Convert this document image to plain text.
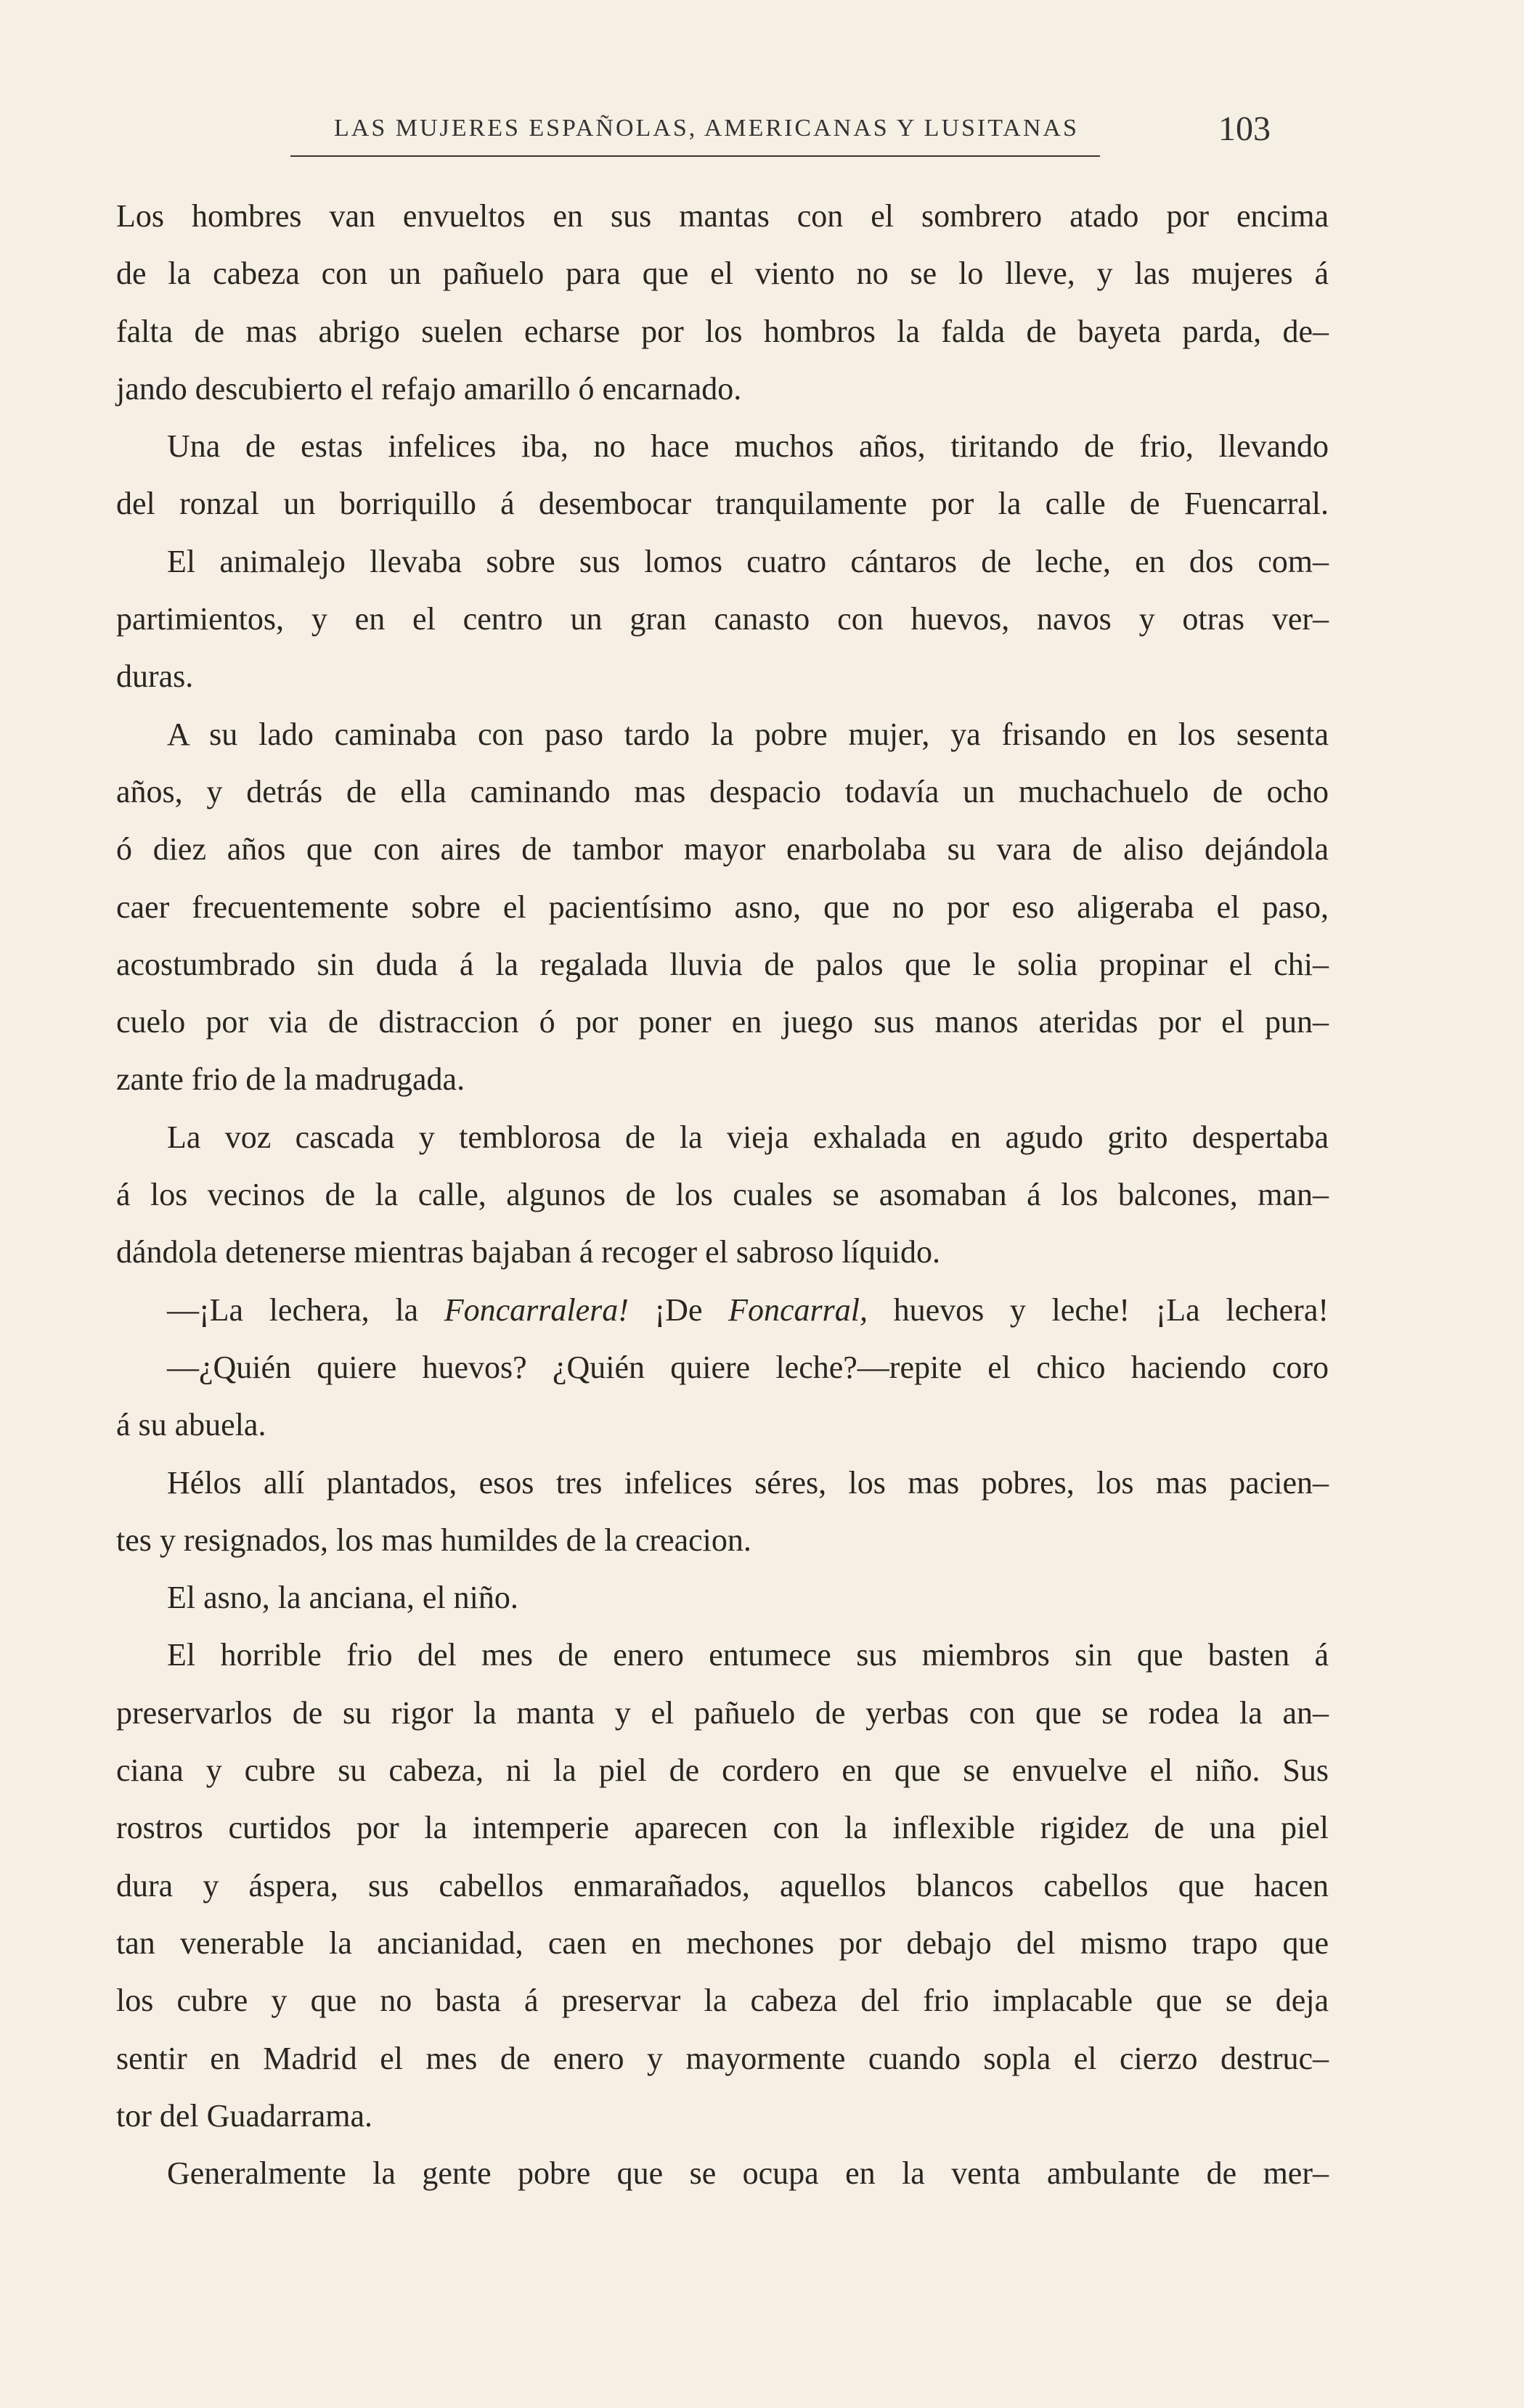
LAS MUJERES ESPAÑOLAS, AMERICANAS Y LUSITANAS	103
Los hombres van envueltos en sus mantas con el sombrero atado por encima
de la cabeza con un pañuelo para que el viento no se lo lleve, y las mujeres á
falta de mas abrigo suelen echarse por los hombros la falda de bayeta parda, de–
jando descubierto el refajo amarillo ó encarnado.
Una de estas infelices iba, no hace muchos años, tiritando de frio, llevando
del ronzal un borriquillo á desembocar tranquilamente por la calle de Fuencarral.
El animalejo llevaba sobre sus lomos cuatro cántaros de leche, en dos com–
partimientos, y en el centro un gran canasto con huevos, navos y otras ver–
duras.
A su lado caminaba con paso tardo la pobre mujer, ya frisando en los sesenta
años, y detrás de ella caminando mas despacio todavía un muchachuelo de ocho
ó diez años que con aires de tambor mayor enarbolaba su vara de aliso dejándola
caer frecuentemente sobre el pacientísimo asno, que no por eso aligeraba el paso,
acostumbrado sin duda á la regalada lluvia de palos que le solia propinar el chi–
cuelo por via de distraccion ó por poner en juego sus manos ateridas por el pun–
zante frio de la madrugada.
La voz cascada y temblorosa de la vieja exhalada en agudo grito despertaba
á los vecinos de la calle, algunos de los cuales se asomaban á los balcones, man–
dándola detenerse mientras bajaban á recoger el sabroso líquido.
—¡La lechera, la Foncarralera! ¡De Foncarral, huevos y leche! ¡La lechera!
—¿Quién quiere huevos? ¿Quién quiere leche?—repite el chico haciendo coro
á su abuela.
Hélos allí plantados, esos tres infelices séres, los mas pobres, los mas pacien–
tes y resignados, los mas humildes de la creacion.
El asno, la anciana, el niño.
El horrible frio del mes de enero entumece sus miembros sin que basten á
preservarlos de su rigor la manta y el pañuelo de yerbas con que se rodea la an–
ciana y cubre su cabeza, ni la piel de cordero en que se envuelve el niño. Sus
rostros curtidos por la intemperie aparecen con la inflexible rigidez de una piel
dura y áspera, sus cabellos enmarañados, aquellos blancos cabellos que hacen
tan venerable la ancianidad, caen en mechones por debajo del mismo trapo que
los cubre y que no basta á preservar la cabeza del frio implacable que se deja
sentir en Madrid el mes de enero y mayormente cuando sopla el cierzo destruc–
tor del Guadarrama.
Generalmente la gente pobre que se ocupa en la venta ambulante de mer–
